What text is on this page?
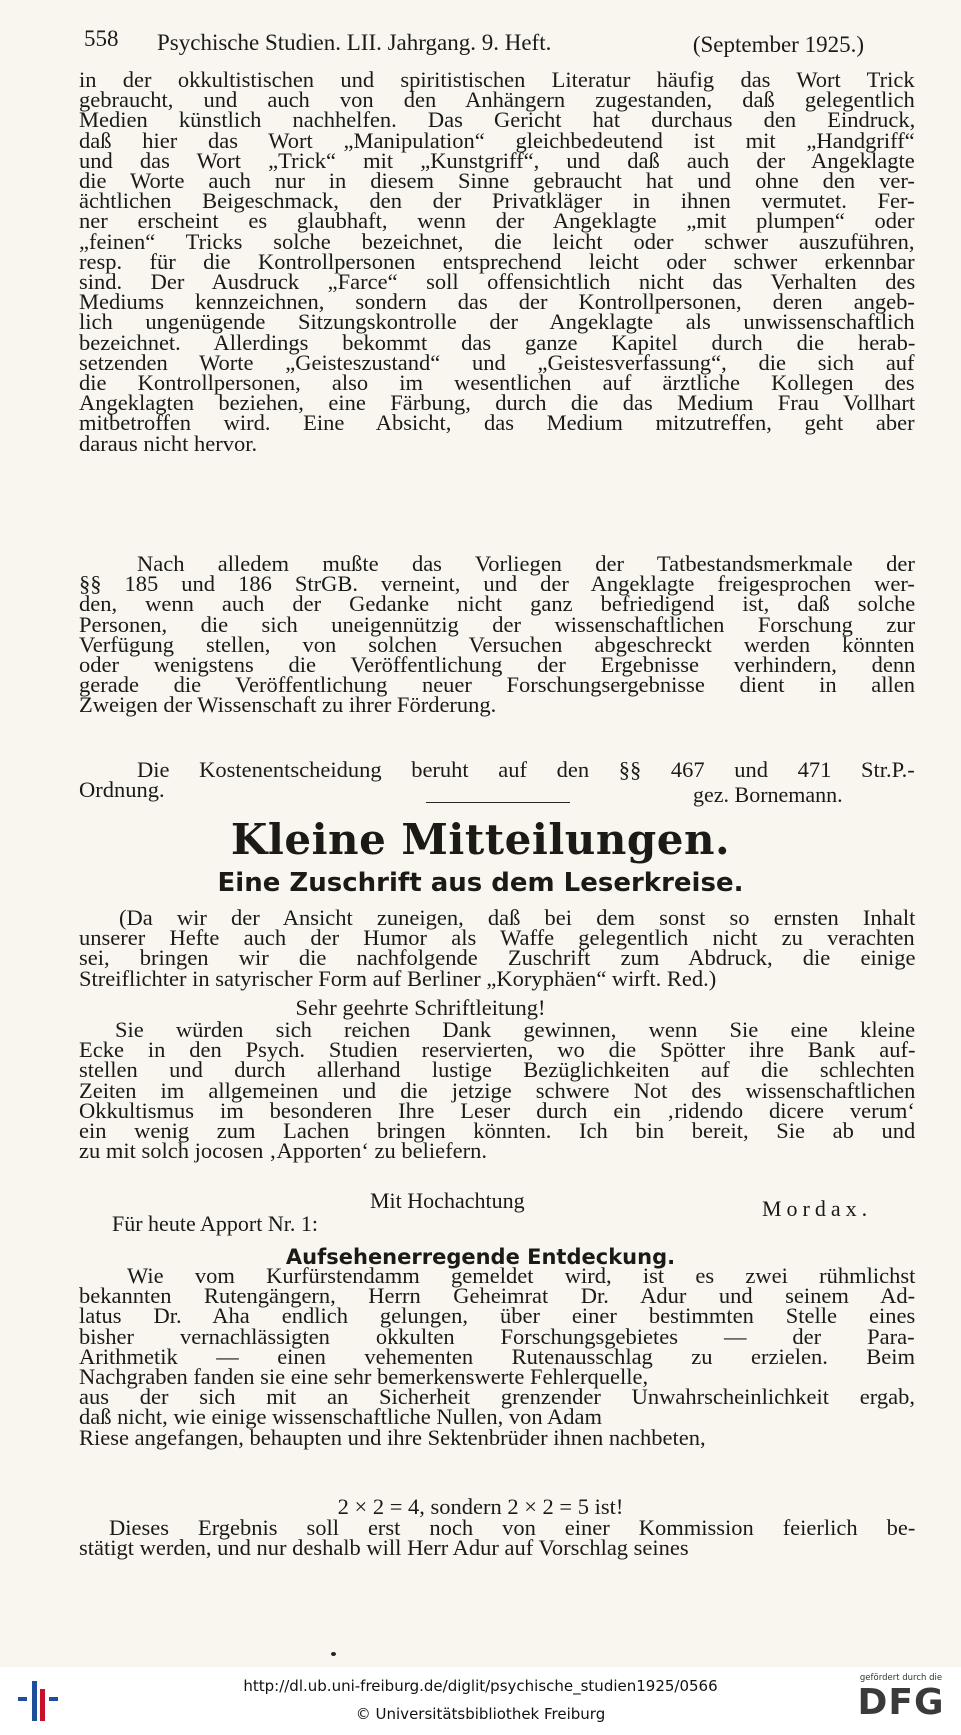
558 Psychische Studien. LII. Jahrgang. 9. Heft.	(September 1925.)

in der okkultistischen und spiritistischen Literatur häufig das Wort Trick
gebraucht, und auch von den Anhängern zugestanden, daß gelegentlich
Medien künstlich nachhelfen. Das Gericht hat durchaus den Eindruck,
daß hier das Wort „Manipulation“ gleichbedeutend ist mit „Handgriff“
und das Wort „Trick“ mit „Kunstgriff“, und daß auch der Angeklagte
die Worte auch nur in diesem Sinne gebraucht hat und ohne den ver-
ächtlichen Beigeschmack, den der Privatkläger in ihnen vermutet. Fer-
ner erscheint es glaubhaft, wenn der Angeklagte „mit plumpen“ oder
„feinen“ Tricks solche bezeichnet, die leicht oder schwer auszuführen,
resp. für die Kontrollpersonen entsprechend leicht oder schwer erkennbar
sind. Der Ausdruck „Farce“ soll offensichtlich nicht das Verhalten des
Mediums kennzeichnen, sondern das der Kontrollpersonen, deren angeb-
lich ungenügende Sitzungskontrolle der Angeklagte als unwissenschaftlich
bezeichnet. Allerdings bekommt das ganze Kapitel durch die herab-
setzenden Worte „Geisteszustand“ und „Geistesverfassung“, die sich auf
die Kontrollpersonen, also im wesentlichen auf ärztliche Kollegen des
Angeklagten beziehen, eine Färbung, durch die das Medium Frau Vollhart
mitbetroffen wird. Eine Absicht, das Medium mitzutreffen, geht aber
daraus nicht hervor.

Nach alledem mußte das Vorliegen der Tatbestandsmerkmale der
§§ 185 und 186 StrGB. verneint, und der Angeklagte freigesprochen wer-
den, wenn auch der Gedanke nicht ganz befriedigend ist, daß solche
Personen, die sich uneigennützig der wissenschaftlichen Forschung zur
Verfügung stellen, von solchen Versuchen abgeschreckt werden könnten
oder wenigstens die Veröffentlichung der Ergebnisse verhindern, denn
gerade die Veröffentlichung neuer Forschungsergebnisse dient in allen
Zweigen der Wissenschaft zu ihrer Förderung.

Die Kostenentscheidung beruht auf den §§ 467 und 471 Str.P.-
Ordnung.	gez. Bornemann.
Kleine Mitteilungen.
Eine Zuschrift aus dem Leserkreise.

(Da wir der Ansicht zuneigen, daß bei dem sonst so ernsten Inhalt
unserer Hefte auch der Humor als Waffe gelegentlich nicht zu verachten
sei, bringen wir die nachfolgende Zuschrift zum Abdruck, die einige
Streiflichter in satyrischer Form auf Berliner „Koryphäen“ wirft. Red.)

Sehr geehrte Schriftleitung!

Sie würden sich reichen Dank gewinnen, wenn Sie eine kleine
Ecke in den Psych. Studien reservierten, wo die Spötter ihre Bank auf-
stellen und durch allerhand lustige Bezüglichkeiten auf die schlechten
Zeiten im allgemeinen und die jetzige schwere Not des wissenschaftlichen
Okkultismus im besonderen Ihre Leser durch ein ‚ridendo dicere verum‘
ein wenig zum Lachen bringen könnten. Ich bin bereit, Sie ab und
zu mit solch jocosen ‚Apporten‘ zu beliefern.

Mit Hochachtung	Mordax.
Für heute Apport Nr. 1:
Aufsehenerregende Entdeckung.

Wie vom Kurfürstendamm gemeldet wird, ist es zwei rühmlichst
bekannten Rutengängern, Herrn Geheimrat Dr. Adur und seinem Ad-
latus Dr. Aha endlich gelungen, über einer bestimmten Stelle eines
bisher vernachlässigten okkulten Forschungsgebietes — der Para-
Arithmetik — einen vehementen Rutenausschlag zu erzielen. Beim
Nachgraben fanden sie eine sehr bemerkenswerte Fehlerquelle,
aus der sich mit an Sicherheit grenzender Unwahrscheinlichkeit ergab,
daß nicht, wie einige wissenschaftliche Nullen, von Adam
Riese angefangen, behaupten und ihre Sektenbrüder ihnen nachbeten,

2 × 2 = 4, sondern 2 × 2 = 5 ist!

Dieses Ergebnis soll erst noch von einer Kommission feierlich be-
stätigt werden, und nur deshalb will Herr Adur auf Vorschlag seines

http://dl.ub.uni-freiburg.de/diglit/psychische_studien1925/0566
© Universitätsbibliothek Freiburg
gefördert durch die
DFG
